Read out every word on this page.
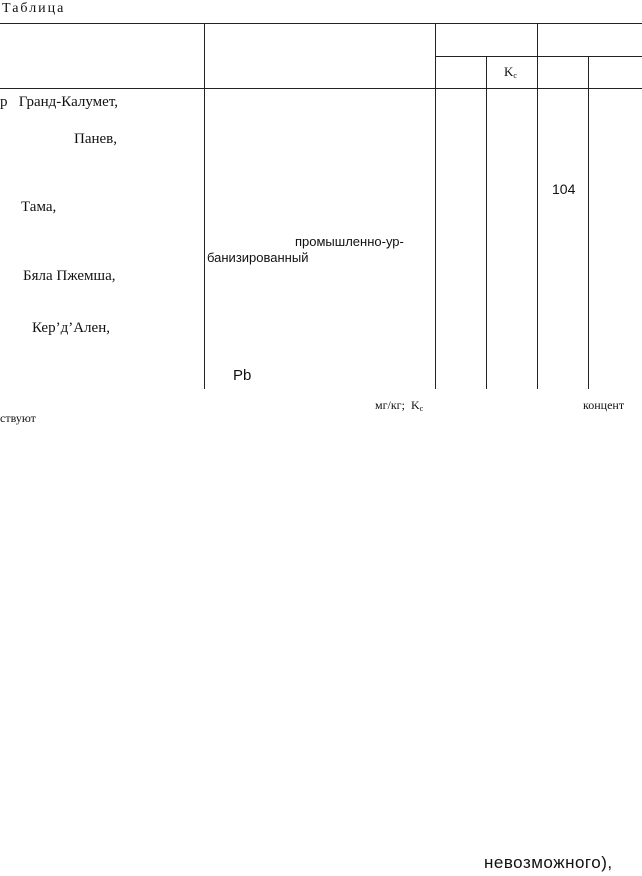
Таблица
Kc
р   Гранд-Калумет,
Панев,
Тама,
Бяла Пжемша,
Кер’д’Ален,
промышленно-ур-
банизированный
Pb
104
мг/кг; Kc	концент
ствуют
невозможного),
